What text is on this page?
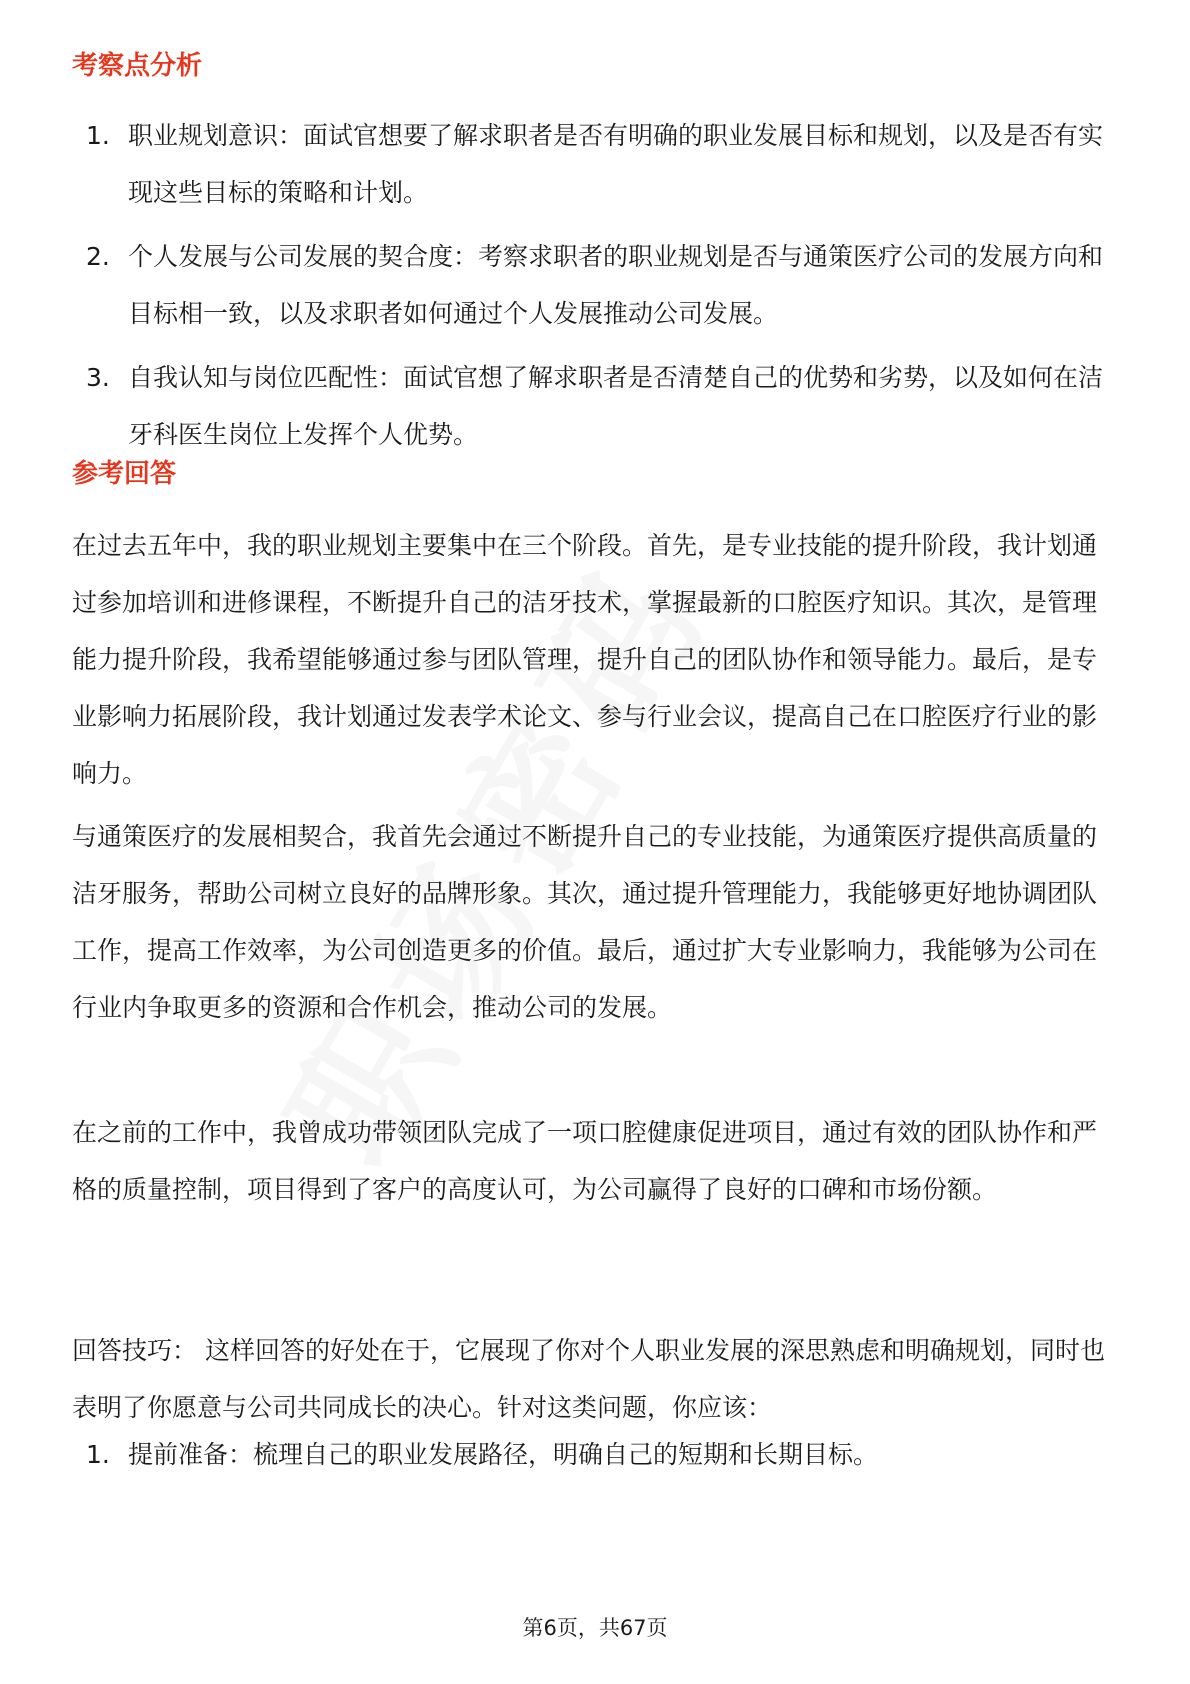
考察点分析
1. 职业规划意识：面试官想要了解求职者是否有明确的职业发展目标和规划，以及是否有实现这些目标的策略和计划。
2. 个人发展与公司发展的契合度：考察求职者的职业规划是否与通策医疗公司的发展方向和目标相一致，以及求职者如何通过个人发展推动公司发展。
3. 自我认知与岗位匹配性：面试官想了解求职者是否清楚自己的优势和劣势，以及如何在洁牙科医生岗位上发挥个人优势。
参考回答

在过去五年中，我的职业规划主要集中在三个阶段。首先，是专业技能的提升阶段，我计划通过参加培训和进修课程，不断提升自己的洁牙技术，掌握最新的口腔医疗知识。其次，是管理能力提升阶段，我希望能够通过参与团队管理，提升自己的团队协作和领导能力。最后，是专业影响力拓展阶段，我计划通过发表学术论文、参与行业会议，提高自己在口腔医疗行业的影响力。

与通策医疗的发展相契合，我首先会通过不断提升自己的专业技能，为通策医疗提供高质量的洁牙服务，帮助公司树立良好的品牌形象。其次，通过提升管理能力，我能够更好地协调团队工作，提高工作效率，为公司创造更多的价值。最后，通过扩大专业影响力，我能够为公司在行业内争取更多的资源和合作机会，推动公司的发展。

在之前的工作中，我曾成功带领团队完成了一项口腔健康促进项目，通过有效的团队协作和严格的质量控制，项目得到了客户的高度认可，为公司赢得了良好的口碑和市场份额。

回答技巧： 这样回答的好处在于，它展现了你对个人职业发展的深思熟虑和明确规划，同时也表明了你愿意与公司共同成长的决心。针对这类问题，你应该：

1. 提前准备：梳理自己的职业发展路径，明确自己的短期和长期目标。
第6页，共67页
